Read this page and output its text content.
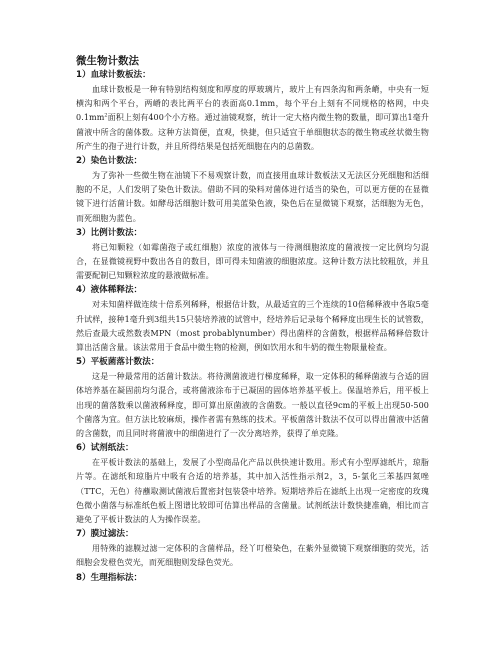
微生物计数法
1）血球计数板法：

血球计数板是一种有特别结构刻度和厚度的厚玻璃片，玻片上有四条沟和两条嵴，中央有一短横沟和两个平台，两嵴的表比两平台的表面高0.1mm，每个平台上刻有不同规格的格网，中央$0.1mm^2$面积上刻有400个小方格。通过油镜观察，统计一定大格内微生物的数量，即可算出1毫升菌液中所含的菌体数。这种方法简便，直观，快捷，但只适宜于单细胞状态的微生物或丝状微生物所产生的孢子进行计数，并且所得结果是包括死细胞在内的总菌数。

2）染色计数法：

为了弥补一些微生物在油镜下不易观察计数，而直接用血球计数板法又无法区分死细胞和活细胞的不足，人们发明了染色计数法。借助不同的染料对菌体进行适当的染色，可以更方便的在显微镜下进行活菌计数。如酵母活细胞计数可用美蓝染色液，染色后在显微镜下观察，活细胞为无色，而死细胞为蓝色。

3）比例计数法：

将已知颗粒（如霉菌孢子或红细胞）浓度的液体与一待测细胞浓度的菌液按一定比例均匀混合，在显微镜视野中数出各自的数目，即可得未知菌液的细胞浓度。这种计数方法比较粗放，并且需要配制已知颗粒浓度的悬液做标准。

4）液体稀释法：

对未知菌样做连续十倍系列稀释，根据估计数，从最适宜的三个连续的10倍稀释液中各取5毫升试样，接种1毫升到3组共15只装培养液的试管中，经培养后记录每个稀释度出现生长的试管数，然后查最大或然数表MPN（most probablynumber）得出菌样的含菌数，根据样品稀释倍数计算出活菌含量。该法常用于食品中微生物的检测，例如饮用水和牛奶的微生物限量检查。

5）平板菌落计数法：

这是一种最常用的活菌计数法。将待测菌液进行梯度稀释，取一定体积的稀释菌液与合适的固体培养基在凝固前均匀混合，或将菌液涂布于已凝固的固体培养基平板上。保温培养后，用平板上出现的菌落数乘以菌液稀释度，即可算出原菌液的含菌数。一般以直径9cm的平板上出现50-500个菌落为宜。但方法比较麻烦，操作者需有熟练的技术。平板菌落计数法不仅可以得出菌液中活菌的含菌数，而且同时将菌液中的细菌进行了一次分离培养，获得了单克隆。

6）试剂纸法：

在平板计数法的基础上，发展了小型商品化产品以供快速计数用。形式有小型厚滤纸片，琼脂片等。在滤纸和琼脂片中吸有合适的培养基，其中加入活性指示剂2，3，5-氯化三苯基四氮唑（TTC，无色）待蘸取测试菌液后置密封包装袋中培养。短期培养后在滤纸上出现一定密度的玫瑰色微小菌落与标准纸色板上图谱比较即可估算出样品的含菌量。试剂纸法计数快捷准确，相比而言避免了平板计数法的人为操作误差。

7）膜过滤法：

用特殊的滤膜过滤一定体积的含菌样品，经丫叮橙染色，在紫外显微镜下观察细胞的荧光，活细胞会发橙色荧光，而死细胞则发绿色荧光。

8）生理指标法：
